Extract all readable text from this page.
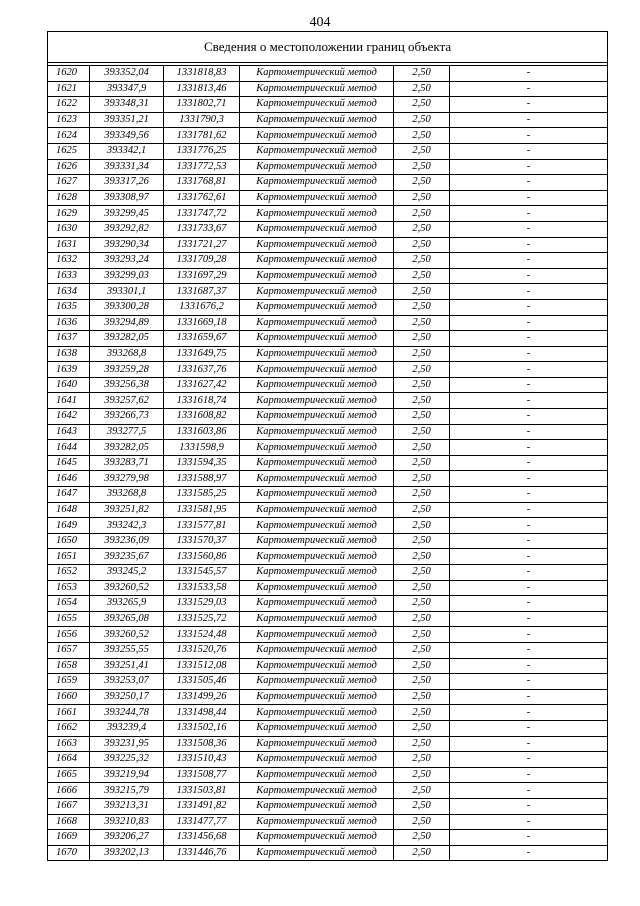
404
Сведения о местоположении границ объекта					

1620	393352,04	1331818,83	Картометрический метод	2,50	-
1621	393347,9	1331813,46	Картометрический метод	2,50	-
1622	393348,31	1331802,71	Картометрический метод	2,50	-
1623	393351,21	1331790,3	Картометрический метод	2,50	-
1624	393349,56	1331781,62	Картометрический метод	2,50	-
1625	393342,1	1331776,25	Картометрический метод	2,50	-
1626	393331,34	1331772,53	Картометрический метод	2,50	-
1627	393317,26	1331768,81	Картометрический метод	2,50	-
1628	393308,97	1331762,61	Картометрический метод	2,50	-
1629	393299,45	1331747,72	Картометрический метод	2,50	-
1630	393292,82	1331733,67	Картометрический метод	2,50	-
1631	393290,34	1331721,27	Картометрический метод	2,50	-
1632	393293,24	1331709,28	Картометрический метод	2,50	-
1633	393299,03	1331697,29	Картометрический метод	2,50	-
1634	393301,1	1331687,37	Картометрический метод	2,50	-
1635	393300,28	1331676,2	Картометрический метод	2,50	-
1636	393294,89	1331669,18	Картометрический метод	2,50	-
1637	393282,05	1331659,67	Картометрический метод	2,50	-
1638	393268,8	1331649,75	Картометрический метод	2,50	-
1639	393259,28	1331637,76	Картометрический метод	2,50	-
1640	393256,38	1331627,42	Картометрический метод	2,50	-
1641	393257,62	1331618,74	Картометрический метод	2,50	-
1642	393266,73	1331608,82	Картометрический метод	2,50	-
1643	393277,5	1331603,86	Картометрический метод	2,50	-
1644	393282,05	1331598,9	Картометрический метод	2,50	-
1645	393283,71	1331594,35	Картометрический метод	2,50	-
1646	393279,98	1331588,97	Картометрический метод	2,50	-
1647	393268,8	1331585,25	Картометрический метод	2,50	-
1648	393251,82	1331581,95	Картометрический метод	2,50	-
1649	393242,3	1331577,81	Картометрический метод	2,50	-
1650	393236,09	1331570,37	Картометрический метод	2,50	-
1651	393235,67	1331560,86	Картометрический метод	2,50	-
1652	393245,2	1331545,57	Картометрический метод	2,50	-
1653	393260,52	1331533,58	Картометрический метод	2,50	-
1654	393265,9	1331529,03	Картометрический метод	2,50	-
1655	393265,08	1331525,72	Картометрический метод	2,50	-
1656	393260,52	1331524,48	Картометрический метод	2,50	-
1657	393255,55	1331520,76	Картометрический метод	2,50	-
1658	393251,41	1331512,08	Картометрический метод	2,50	-
1659	393253,07	1331505,46	Картометрический метод	2,50	-
1660	393250,17	1331499,26	Картометрический метод	2,50	-
1661	393244,78	1331498,44	Картометрический метод	2,50	-
1662	393239,4	1331502,16	Картометрический метод	2,50	-
1663	393231,95	1331508,36	Картометрический метод	2,50	-
1664	393225,32	1331510,43	Картометрический метод	2,50	-
1665	393219,94	1331508,77	Картометрический метод	2,50	-
1666	393215,79	1331503,81	Картометрический метод	2,50	-
1667	393213,31	1331491,82	Картометрический метод	2,50	-
1668	393210,83	1331477,77	Картометрический метод	2,50	-
1669	393206,27	1331456,68	Картометрический метод	2,50	-
1670	393202,13	1331446,76	Картометрический метод	2,50	-
